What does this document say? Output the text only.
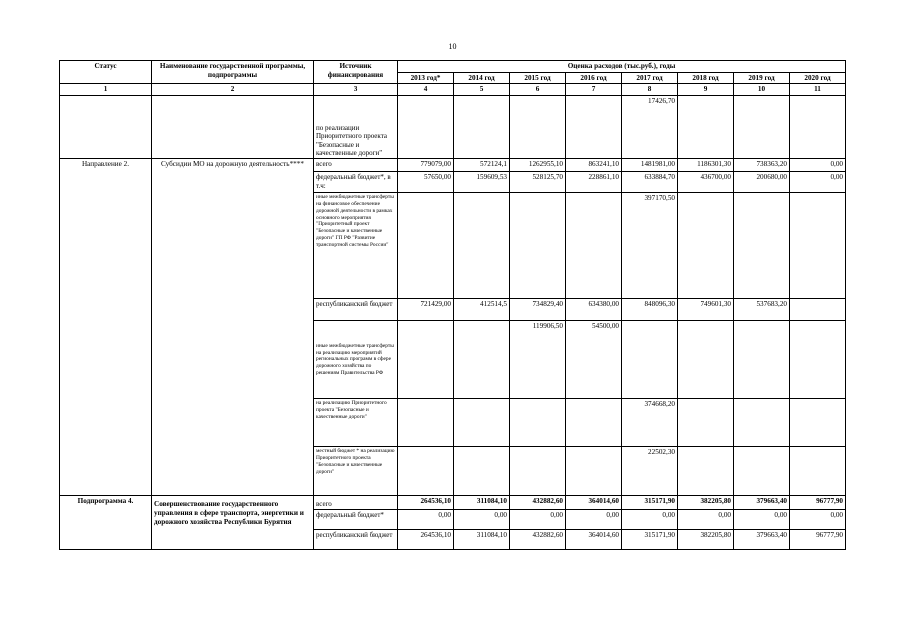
10
Статус	Наименование государственной программы, подпрограммы	Источник финансирования	Оценка расходов (тыс.руб.), годы							
			2013 год*	2014 год	2015 год	2016 год	2017 год	2018 год	2019 год	2020 год
1	2	3	4	5	6	7	8	9	10	11
		по реализации Приоритетного проекта "Безопасные и качественные дороги"					17426,70			
Направление 2.	Субсидии МО на дорожную деятельность****	всего	779079,00	572124,1	1262955,10	863241,10	1481981,00	1186301,30	738363,20	0,00
		федеральный бюджет*, в т.ч:	57650,00	159609,53	528125,70	228861,10	633884,70	436700,00	200680,00	0,00
		иные межбюджетные трансферты на финансовое обеспечение дорожной деятельности в рамках основного мероприятия "Приоритетный проект "Безопасные и качественные дороги" ГП РФ "Развитие транспортной системы России"					397170,50			
		республиканский бюджет	721429,00	412514,5	734829,40	634380,00	848096,30	749601,30	537683,20	
		иные межбюджетные трансферты на реализацию мероприятий региональных программ в сфере дорожного хозяйства по решениям Правительства РФ			119906,50	54500,00				
		на реализацию Приоритетного проекта "Безопасные и качественные дороги"					374668,20			
		местный бюджет * на реализацию Приоритетного проекта "Безопасные и качественные дороги"					22502,30			
Подпрограмма 4.	Совершенствование государственного управления в сфере транспорта, энергетики и дорожного хозяйства Республики Бурятия	всего	264536,10	311084,10	432882,60	364014,60	315171,90	382205,80	379663,40	96777,90
		федеральный бюджет*	0,00	0,00	0,00	0,00	0,00	0,00	0,00	0,00
		республиканский бюджет	264536,10	311084,10	432882,60	364014,60	315171,90	382205,80	379663,40	96777,90
